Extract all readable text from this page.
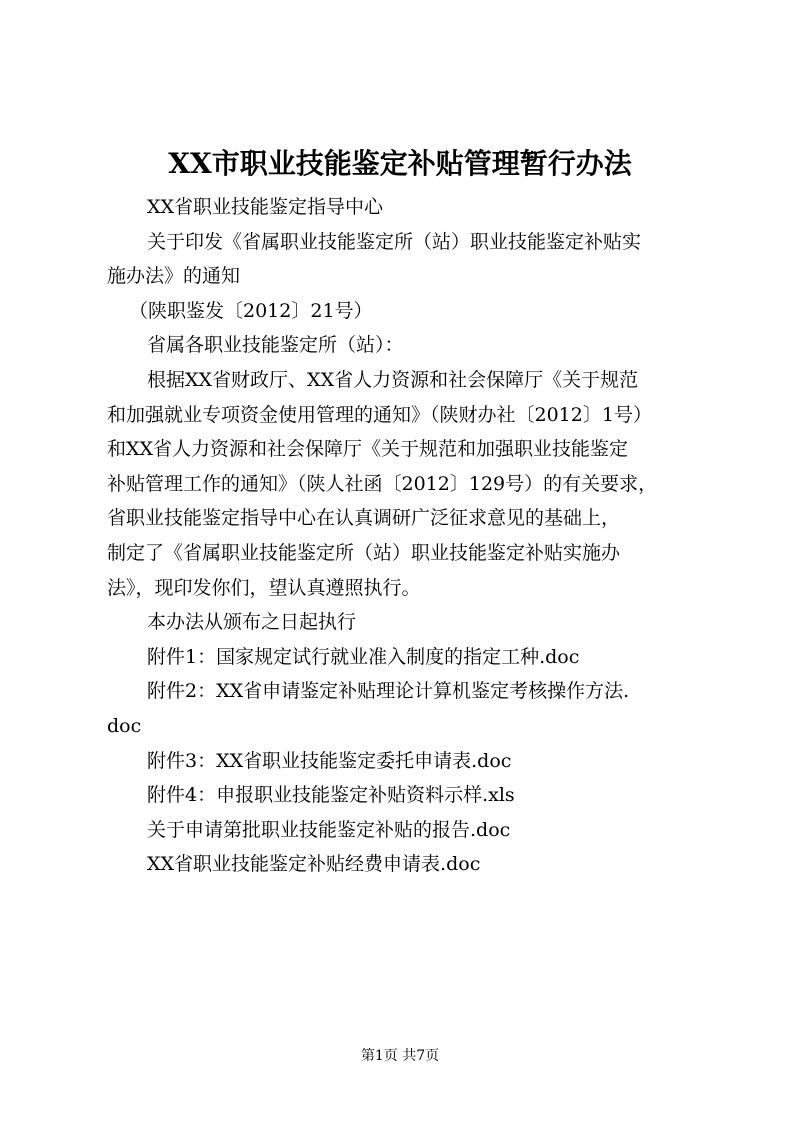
XX市职业技能鉴定补贴管理暂行办法
XX省职业技能鉴定指导中心
关于印发《省属职业技能鉴定所（站）职业技能鉴定补贴实
施办法》的通知
（陕职鉴发〔2012〕21号）
省属各职业技能鉴定所（站）：
根据XX省财政厅、XX省人力资源和社会保障厅《关于规范
和加强就业专项资金使用管理的通知》（陕财办社〔2012〕1号）
和XX省人力资源和社会保障厅《关于规范和加强职业技能鉴定
补贴管理工作的通知》（陕人社函〔2012〕129号）的有关要求，
省职业技能鉴定指导中心在认真调研广泛征求意见的基础上，
制定了《省属职业技能鉴定所（站）职业技能鉴定补贴实施办
法》，现印发你们，望认真遵照执行。
本办法从颁布之日起执行
附件1：国家规定试行就业准入制度的指定工种.doc
附件2：XX省申请鉴定补贴理论计算机鉴定考核操作方法.
doc
附件3：XX省职业技能鉴定委托申请表.doc
附件4：申报职业技能鉴定补贴资料示样.xls
关于申请第批职业技能鉴定补贴的报告.doc
XX省职业技能鉴定补贴经费申请表.doc
第1页 共7页
